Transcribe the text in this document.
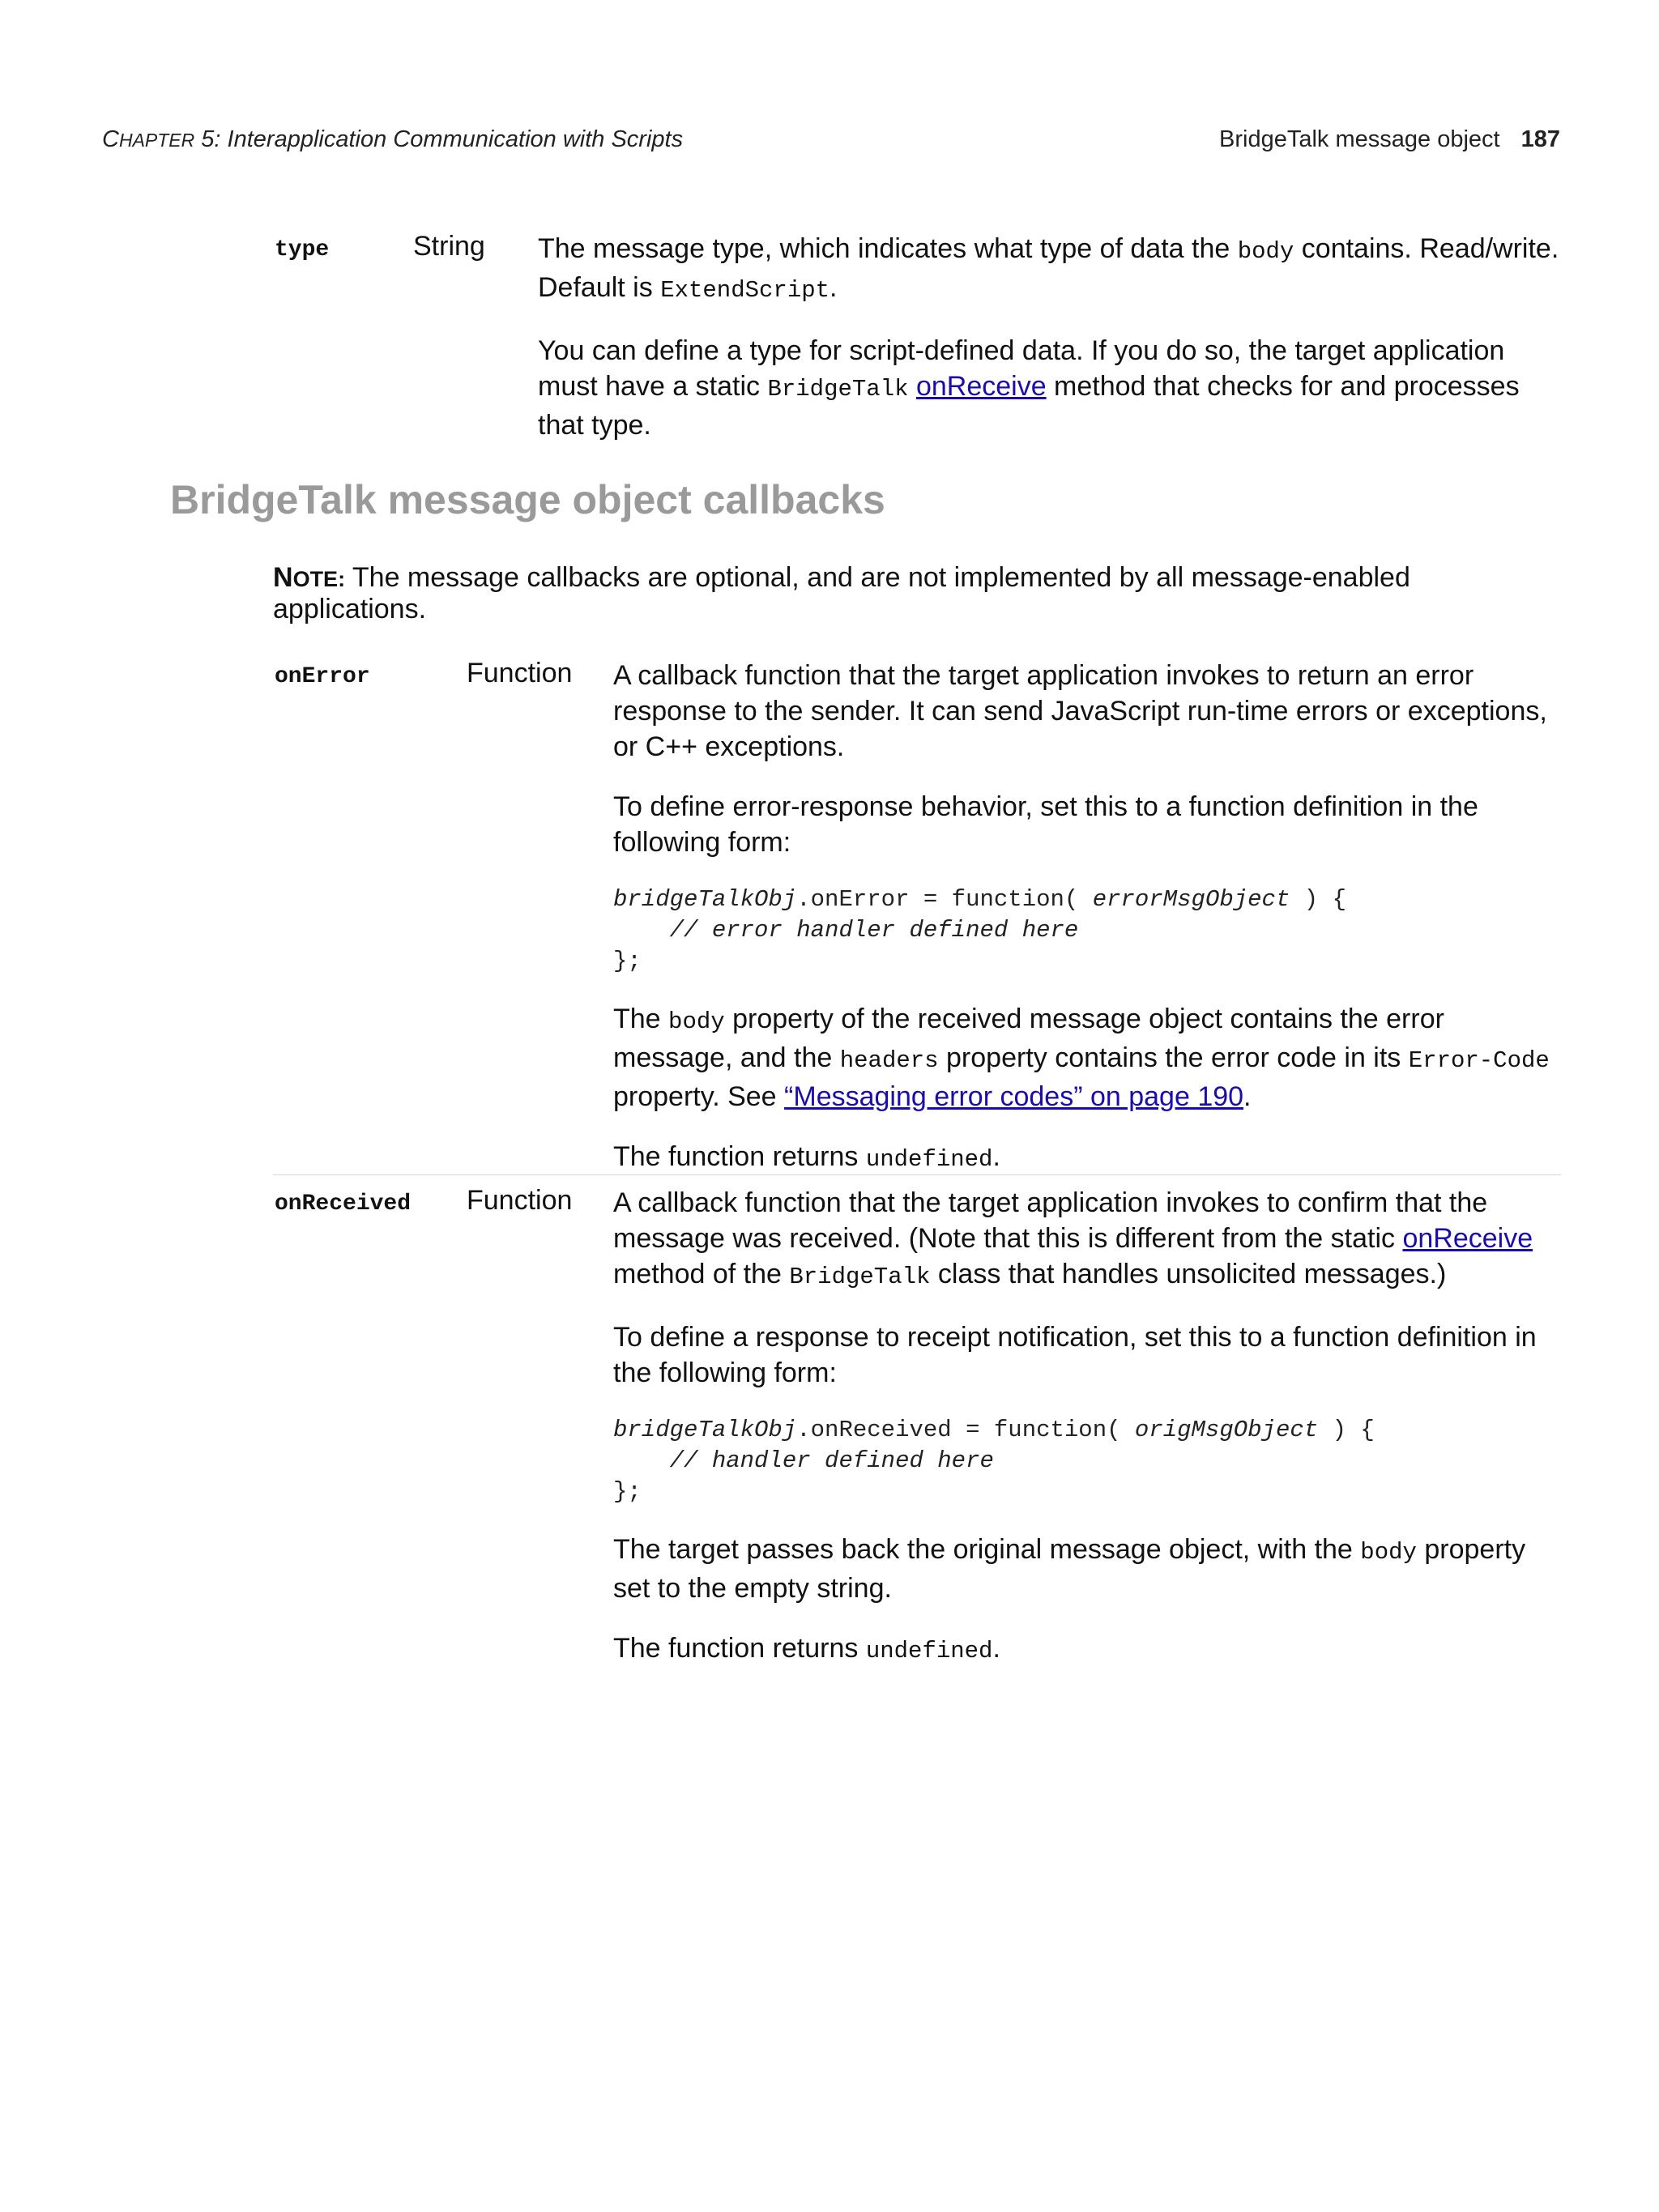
CHAPTER 5: Interapplication Communication with Scripts	BridgeTalk message object 187
type	String The message type, which indicates what type of data the body contains. Read/write. Default is ExtendScript.

You can define a type for script-defined data. If you do so, the target application must have a static BridgeTalk onReceive method that checks for and processes that type.

BridgeTalk message object callbacks
NOTE: The message callbacks are optional, and are not implemented by all message-enabled applications.
onError	Function A callback function that the target application invokes to return an error response to the sender. It can send JavaScript run-time errors or exceptions, or C++ exceptions.

To define error-response behavior, set this to a function definition in the following form:

bridgeTalkObj.onError = function( errorMsgObject ) {
// error handler defined here
};

The body property of the received message object contains the error message, and the headers property contains the error code in its Error-Code property. See “Messaging error codes” on page 190.

The function returns undefined.

onReceived Function A callback function that the target application invokes to confirm that the message was received. (Note that this is different from the static onReceive method of the BridgeTalk class that handles unsolicited messages.)

To define a response to receipt notification, set this to a function definition in the following form:

bridgeTalkObj.onReceived = function( origMsgObject ) {
// handler defined here
};

The target passes back the original message object, with the body property set to the empty string.

The function returns undefined.
